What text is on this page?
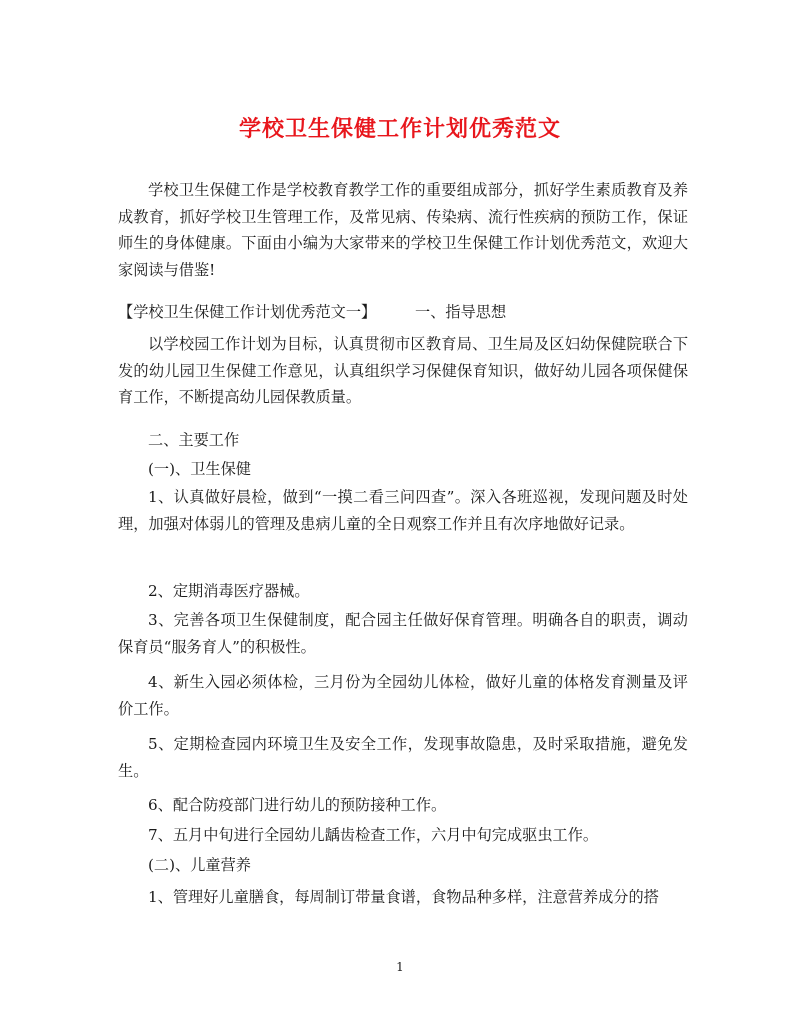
学校卫生保健工作计划优秀范文

学校卫生保健工作是学校教育教学工作的重要组成部分，抓好学生素质教育及养成教育，抓好学校卫生管理工作，及常见病、传染病、流行性疾病的预防工作，保证师生的身体健康。下面由小编为大家带来的学校卫生保健工作计划优秀范文，欢迎大家阅读与借鉴!

【学校卫生保健工作计划优秀范文一】	一、指导思想

以学校园工作计划为目标，认真贯彻市区教育局、卫生局及区妇幼保健院联合下发的幼儿园卫生保健工作意见，认真组织学习保健保育知识，做好幼儿园各项保健保育工作，不断提高幼儿园保教质量。

二、主要工作
(一)、卫生保健

1、认真做好晨检，做到“一摸二看三问四查”。深入各班巡视，发现问题及时处理，加强对体弱儿的管理及患病儿童的全日观察工作并且有次序地做好记录。

2、定期消毒医疗器械。

3、完善各项卫生保健制度，配合园主任做好保育管理。明确各自的职责，调动保育员“服务育人”的积极性。

4、新生入园必须体检，三月份为全园幼儿体检，做好儿童的体格发育测量及评价工作。

5、定期检查园内环境卫生及安全工作，发现事故隐患，及时采取措施，避免发生。

6、配合防疫部门进行幼儿的预防接种工作。
7、五月中旬进行全园幼儿龋齿检查工作，六月中旬完成驱虫工作。
(二)、儿童营养
1、管理好儿童膳食，每周制订带量食谱，食物品种多样，注意营养成分的搭
1
